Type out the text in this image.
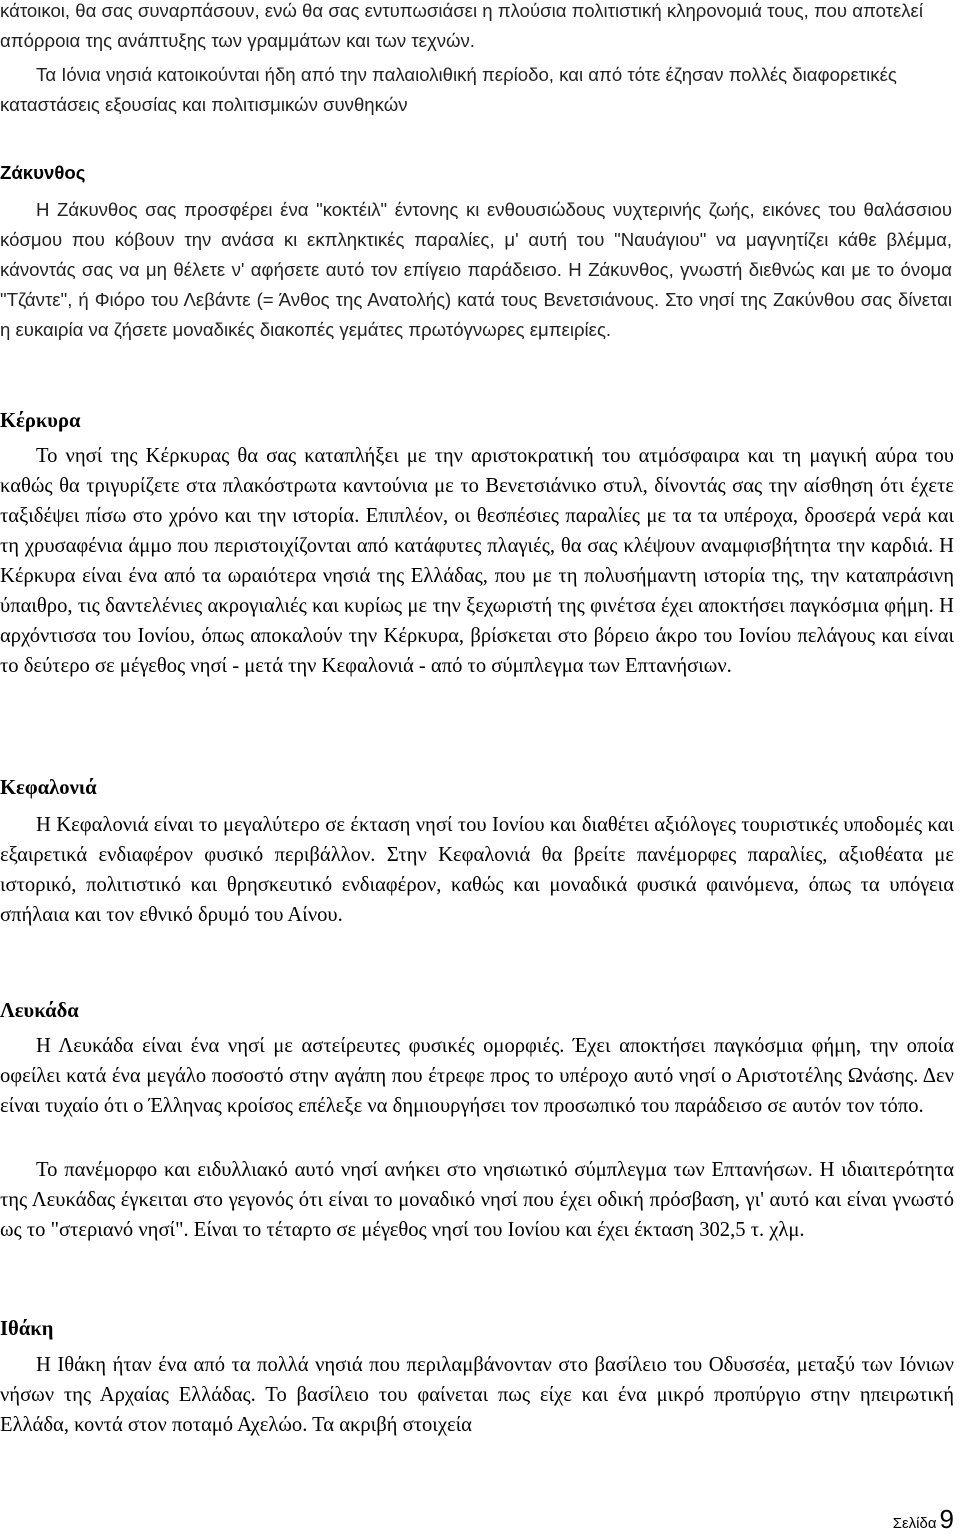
κάτοικοι, θα σας συναρπάσουν, ενώ θα σας εντυπωσιάσει η πλούσια πολιτιστική κληρονομιά τους, που αποτελεί απόρροια της ανάπτυξης των γραμμάτων και των τεχνών.

Τα Ιόνια νησιά κατοικούνται ήδη από την παλαιολιθική περίοδο, και από τότε έζησαν πολλές διαφορετικές καταστάσεις εξουσίας και πολιτισμικών συνθηκών

Ζάκυνθος

Η Ζάκυνθος σας προσφέρει ένα "κοκτέιλ" έντονης κι ενθουσιώδους νυχτερινής ζωής, εικόνες του θαλάσσιου κόσμου που κόβουν την ανάσα κι εκπληκτικές παραλίες, μ' αυτή του "Ναυάγιου" να μαγνητίζει κάθε βλέμμα, κάνοντάς σας να μη θέλετε ν' αφήσετε αυτό τον επίγειο παράδεισο. Η Ζάκυνθος, γνωστή διεθνώς και με το όνομα "Τζάντε", ή Φιόρο του Λεβάντε (= Άνθος της Ανατολής) κατά τους Βενετσιάνους. Στο νησί της Ζακύνθου σας δίνεται η ευκαιρία να ζήσετε μοναδικές διακοπές γεμάτες πρωτόγνωρες εμπειρίες.

Κέρκυρα

Το νησί της Κέρκυρας θα σας καταπλήξει με την αριστοκρατική του ατμόσφαιρα και τη μαγική αύρα του καθώς θα τριγυρίζετε στα πλακόστρωτα καντούνια με το Βενετσιάνικο στυλ, δίνοντάς σας την αίσθηση ότι έχετε ταξιδέψει πίσω στο χρόνο και την ιστορία. Επιπλέον, οι θεσπέσιες παραλίες με τα τα υπέροχα, δροσερά νερά και τη χρυσαφένια άμμο που περιστοιχίζονται από κατάφυτες πλαγιές, θα σας κλέψουν αναμφισβήτητα την καρδιά. Η Κέρκυρα είναι ένα από τα ωραιότερα νησιά της Ελλάδας, που με τη πολυσήμαντη ιστορία της, την καταπράσινη ύπαιθρο, τις δαντελένιες ακρογιαλιές και κυρίως με την ξεχωριστή της φινέτσα έχει αποκτήσει παγκόσμια φήμη. Η αρχόντισσα του Ιονίου, όπως αποκαλούν την Κέρκυρα, βρίσκεται στο βόρειο άκρο του Ιονίου πελάγους και είναι το δεύτερο σε μέγεθος νησί - μετά την Κεφαλονιά - από το σύμπλεγμα των Επτανήσιων.

Κεφαλονιά

Η Κεφαλονιά είναι το μεγαλύτερο σε έκταση νησί του Ιονίου και διαθέτει αξιόλογες τουριστικές υποδομές και εξαιρετικά ενδιαφέρον φυσικό περιβάλλον. Στην Κεφαλονιά θα βρείτε πανέμορφες παραλίες, αξιοθέατα με ιστορικό, πολιτιστικό και θρησκευτικό ενδιαφέρον, καθώς και μοναδικά φυσικά φαινόμενα, όπως τα υπόγεια σπήλαια και τον εθνικό δρυμό του Αίνου.

Λευκάδα

Η Λευκάδα είναι ένα νησί με αστείρευτες φυσικές ομορφιές. Έχει αποκτήσει παγκόσμια φήμη, την οποία οφείλει κατά ένα μεγάλο ποσοστό στην αγάπη που έτρεφε προς το υπέροχο αυτό νησί ο Αριστοτέλης Ωνάσης. Δεν είναι τυχαίο ότι ο Έλληνας κροίσος επέλεξε να δημιουργήσει τον προσωπικό του παράδεισο σε αυτόν τον τόπο.

Το πανέμορφο και ειδυλλιακό αυτό νησί ανήκει στο νησιωτικό σύμπλεγμα των Επτανήσων. Η ιδιαιτερότητα της Λευκάδας έγκειται στο γεγονός ότι είναι το μοναδικό νησί που έχει οδική πρόσβαση, γι' αυτό και είναι γνωστό ως το "στεριανό νησί". Είναι το τέταρτο σε μέγεθος νησί του Ιονίου και έχει έκταση 302,5 τ. χλμ.

Ιθάκη

Η Ιθάκη ήταν ένα από τα πολλά νησιά που περιλαμβάνονταν στο βασίλειο του Οδυσσέα, μεταξύ των Ιόνιων νήσων της Αρχαίας Ελλάδας. Το βασίλειο του φαίνεται πως είχε και ένα μικρό προπύργιο στην ηπειρωτική Ελλάδα, κοντά στον ποταμό Αχελώο. Τα ακριβή στοιχεία

Σελίδα 9
